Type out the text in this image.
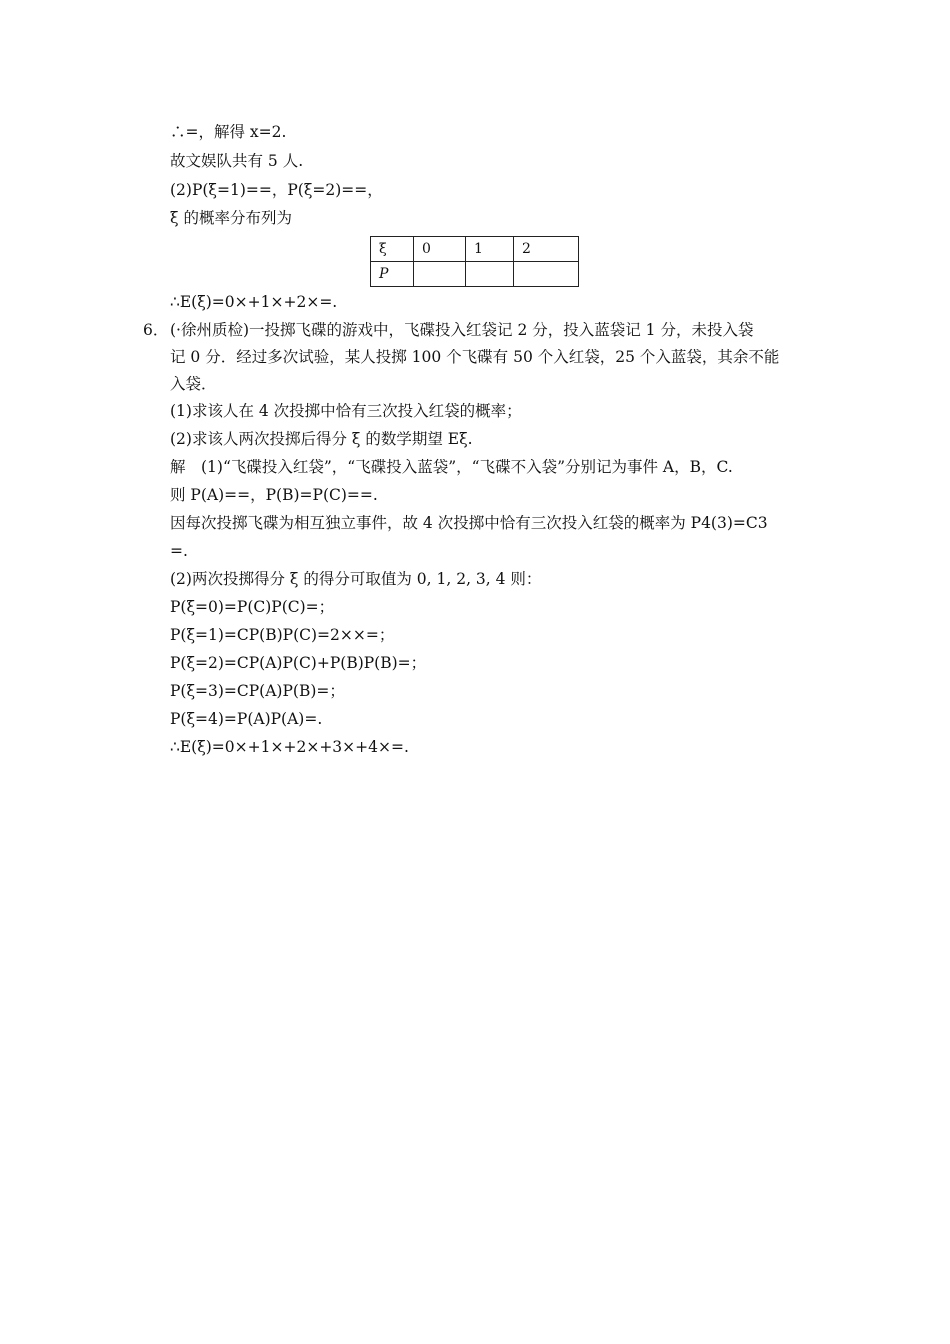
∴=，解得 x=2.
故文娱队共有 5 人.
(2)P(ξ=1)==，P(ξ=2)==，
ξ 的概率分布列为
ξ	0	1	2
P			
∴E(ξ)=0×+1×+2×=.
6． (·徐州质检)一投掷飞碟的游戏中，飞碟投入红袋记 2 分，投入蓝袋记 1 分，未投入袋
记 0 分．经过多次试验，某人投掷 100 个飞碟有 50 个入红袋，25 个入蓝袋，其余不能
入袋．
(1)求该人在 4 次投掷中恰有三次投入红袋的概率；
(2)求该人两次投掷后得分 ξ 的数学期望 Eξ.
解　(1)“飞碟投入红袋”，“飞碟投入蓝袋”，“飞碟不入袋”分别记为事件 A，B，C.
则 P(A)==，P(B)=P(C)==.
因每次投掷飞碟为相互独立事件，故 4 次投掷中恰有三次投入红袋的概率为 P4(3)=C3
=.
(2)两次投掷得分 ξ 的得分可取值为 0, 1, 2, 3, 4 则：
P(ξ=0)=P(C)P(C)=；
P(ξ=1)=CP(B)P(C)=2××=；
P(ξ=2)=CP(A)P(C)+P(B)P(B)=；
P(ξ=3)=CP(A)P(B)=；
P(ξ=4)=P(A)P(A)=.
∴E(ξ)=0×+1×+2×+3×+4×=.
